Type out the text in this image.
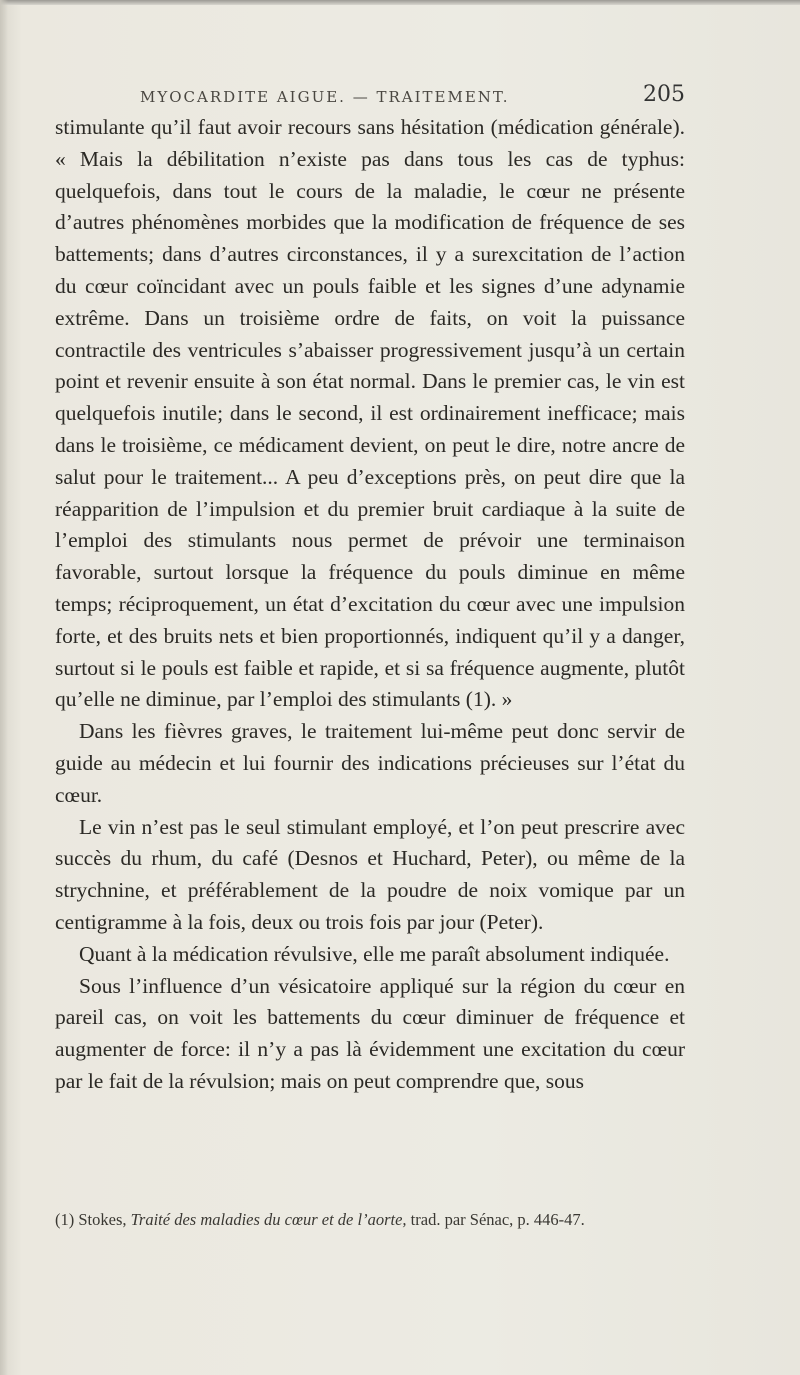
MYOCARDITE AIGUE. — TRAITEMENT.	205

stimulante qu’il faut avoir recours sans hésitation (médication générale). « Mais la débilitation n’existe pas dans tous les cas de typhus: quelquefois, dans tout le cours de la maladie, le cœur ne présente d’autres phénomènes morbides que la modification de fréquence de ses battements; dans d’autres circonstances, il y a surexcitation de l’action du cœur coïncidant avec un pouls faible et les signes d’une adynamie extrême. Dans un troisième ordre de faits, on voit la puissance contractile des ventricules s’abaisser progressivement jusqu’à un certain point et revenir ensuite à son état normal. Dans le premier cas, le vin est quelquefois inutile; dans le second, il est ordinairement inefficace; mais dans le troisième, ce médicament devient, on peut le dire, notre ancre de salut pour le traitement... A peu d’exceptions près, on peut dire que la réapparition de l’impulsion et du premier bruit cardiaque à la suite de l’emploi des stimulants nous permet de prévoir une terminaison favorable, surtout lorsque la fréquence du pouls diminue en même temps; réciproquement, un état d’excitation du cœur avec une impulsion forte, et des bruits nets et bien proportionnés, indiquent qu’il y a danger, surtout si le pouls est faible et rapide, et si sa fréquence augmente, plutôt qu’elle ne diminue, par l’emploi des stimulants (1). »

Dans les fièvres graves, le traitement lui-même peut donc servir de guide au médecin et lui fournir des indications précieuses sur l’état du cœur.

Le vin n’est pas le seul stimulant employé, et l’on peut prescrire avec succès du rhum, du café (Desnos et Huchard, Peter), ou même de la strychnine, et préférablement de la poudre de noix vomique par un centigramme à la fois, deux ou trois fois par jour (Peter).

Quant à la médication révulsive, elle me paraît absolument indiquée.

Sous l’influence d’un vésicatoire appliqué sur la région du cœur en pareil cas, on voit les battements du cœur diminuer de fréquence et augmenter de force: il n’y a pas là évidemment une excitation du cœur par le fait de la révulsion; mais on peut comprendre que, sous

(1) Stokes, Traité des maladies du cœur et de l’aorte, trad. par Sénac, p. 446-47.
